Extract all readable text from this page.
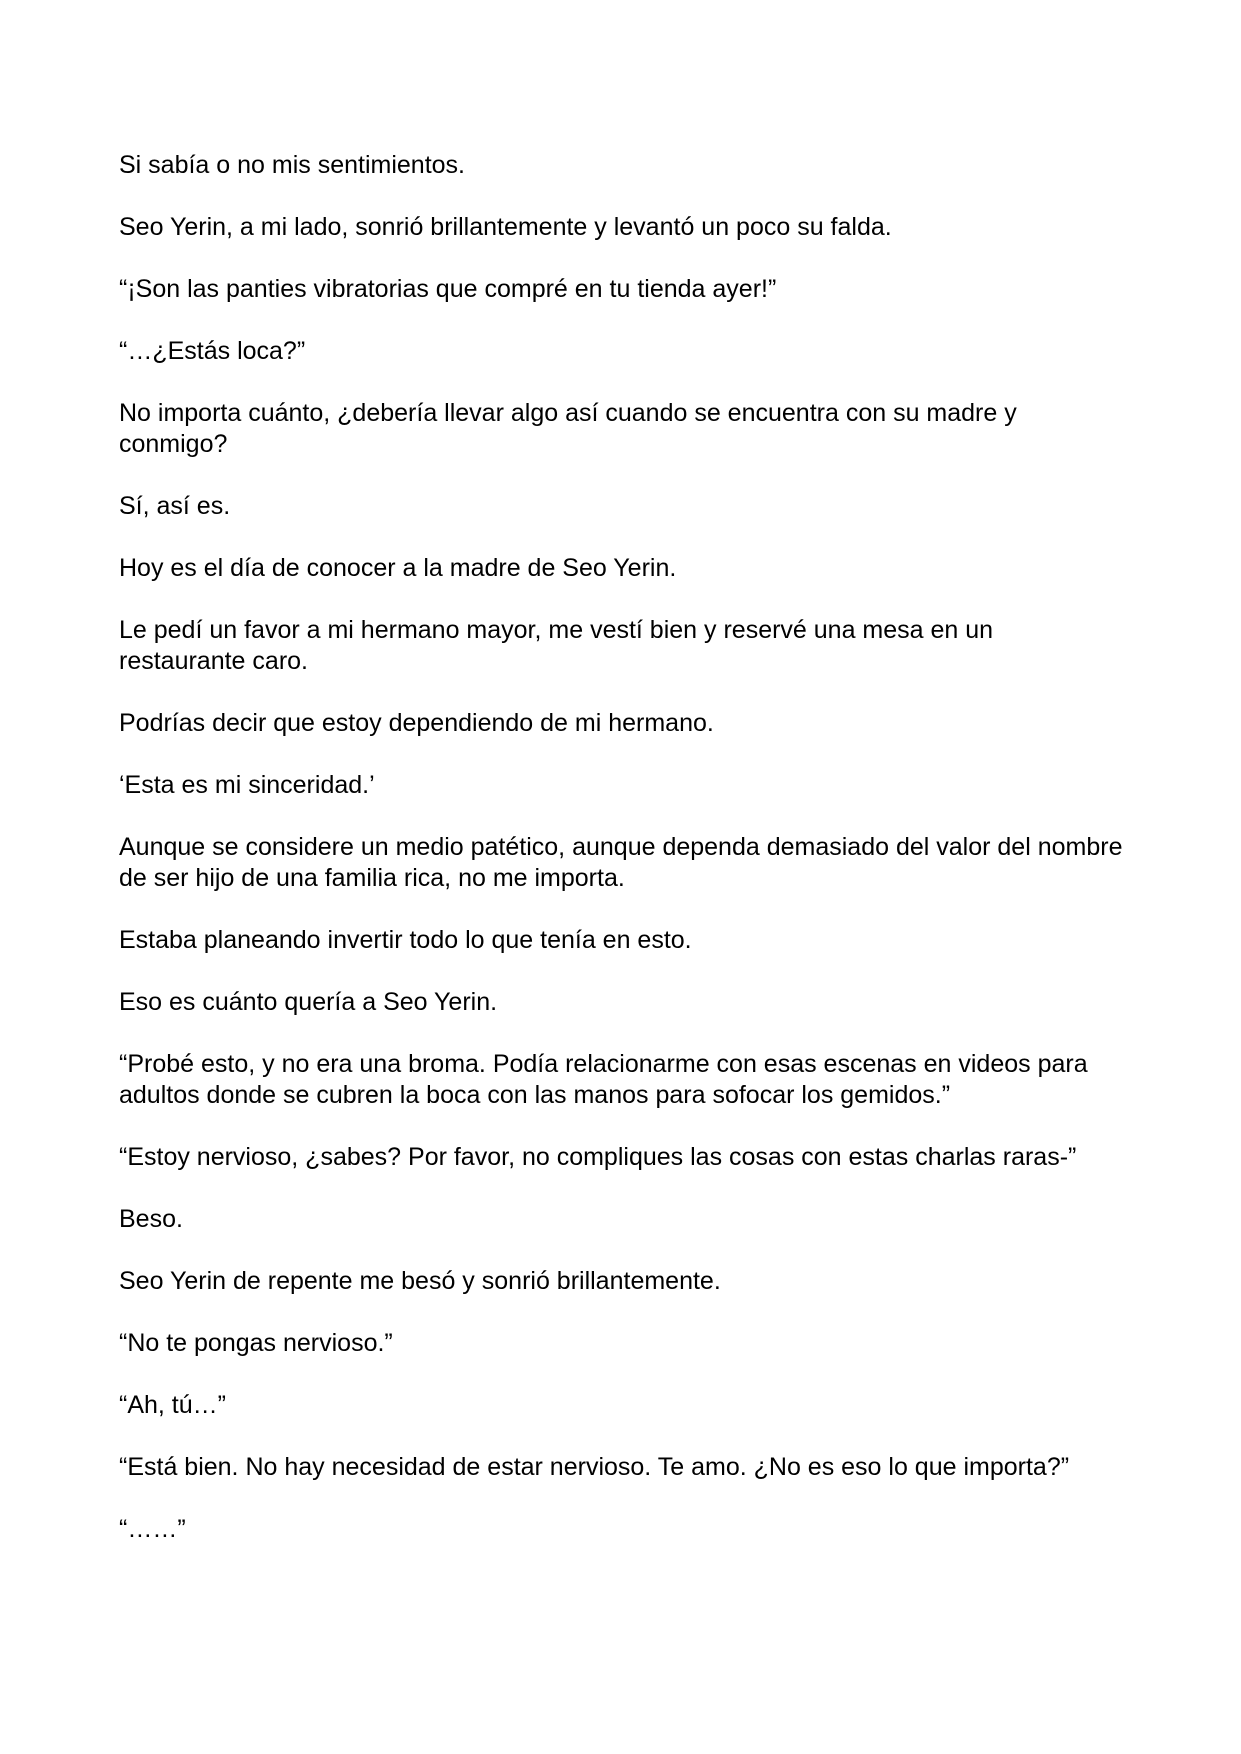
Si sabía o no mis sentimientos.

Seo Yerin, a mi lado, sonrió brillantemente y levantó un poco su falda.

“¡Son las panties vibratorias que compré en tu tienda ayer!”

“…¿Estás loca?”

No importa cuánto, ¿debería llevar algo así cuando se encuentra con su madre y conmigo?

Sí, así es.

Hoy es el día de conocer a la madre de Seo Yerin.

Le pedí un favor a mi hermano mayor, me vestí bien y reservé una mesa en un restaurante caro.

Podrías decir que estoy dependiendo de mi hermano.

‘Esta es mi sinceridad.’

Aunque se considere un medio patético, aunque dependa demasiado del valor del nombre de ser hijo de una familia rica, no me importa.

Estaba planeando invertir todo lo que tenía en esto.

Eso es cuánto quería a Seo Yerin.

“Probé esto, y no era una broma. Podía relacionarme con esas escenas en videos para adultos donde se cubren la boca con las manos para sofocar los gemidos.”

“Estoy nervioso, ¿sabes? Por favor, no compliques las cosas con estas charlas raras-”

Beso.

Seo Yerin de repente me besó y sonrió brillantemente.

“No te pongas nervioso.”

“Ah, tú…”

“Está bien. No hay necesidad de estar nervioso. Te amo. ¿No es eso lo que importa?”

“……”
